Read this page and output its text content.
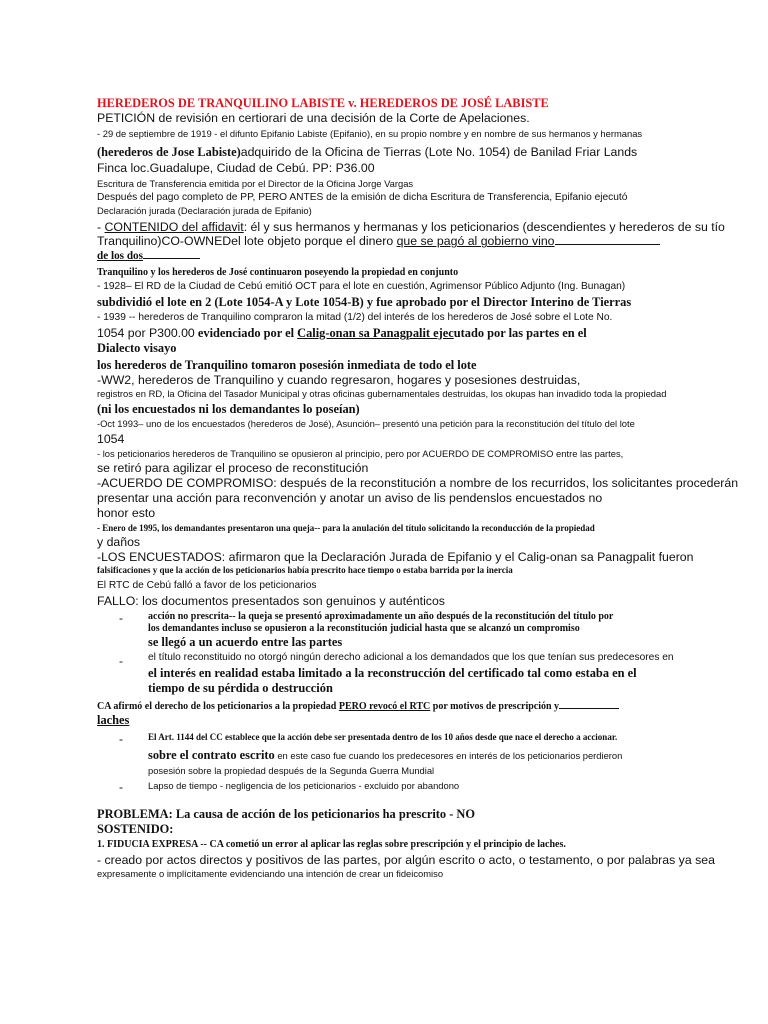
HEREDEROS DE TRANQUILINO LABISTE v. HEREDEROS DE JOSÉ LABISTE

PETICIÓN de revisión en certiorari de una decisión de la Corte de Apelaciones.

- 29 de septiembre de 1919 - el difunto Epifanio Labiste (Epifanio), en su propio nombre y en nombre de sus hermanos y hermanas

(herederos de Jose Labiste)adquirido de la Oficina de Tierras (Lote No. 1054) de Banilad Friar Lands

Finca loc.Guadalupe, Ciudad de Cebú. PP: P36.00

Escritura de Transferencia emitida por el Director de la Oficina Jorge Vargas

Después del pago completo de PP, PERO ANTES de la emisión de dicha Escritura de Transferencia, Epifanio ejecutó

Declaración jurada (Declaración jurada de Epifanio)

- CONTENIDO del affidavit: él y sus hermanos y hermanas y los peticionarios (descendientes y herederos de su tío

Tranquilino)CO-OWNEDel lote objeto porque el dinero que se pagó al gobierno vino

de los dos

Tranquilino y los herederos de José continuaron poseyendo la propiedad en conjunto

- 1928– El RD de la Ciudad de Cebú emitió OCT para el lote en cuestión, Agrimensor Público Adjunto (Ing. Bunagan)

subdividió el lote en 2 (Lote 1054-A y Lote 1054-B) y fue aprobado por el Director Interino de Tierras

- 1939 -- herederos de Tranquilino compraron la mitad (1/2) del interés de los herederos de José sobre el Lote No.

1054 por P300.00 evidenciado por el Calig-onan sa Panagpalit ejecutado por las partes en el

Dialecto visayo

los herederos de Tranquilino tomaron posesión inmediata de todo el lote

-WW2, herederos de Tranquilino y cuando regresaron, hogares y posesiones destruidas,

registros en RD, la Oficina del Tasador Municipal y otras oficinas gubernamentales destruidas, los okupas han invadido toda la propiedad

(ni los encuestados ni los demandantes lo poseían)

-Oct 1993– uno de los encuestados (herederos de José), Asunción– presentó una petición para la reconstitución del título del lote

1054

- los peticionarios herederos de Tranquilino se opusieron al principio, pero por ACUERDO DE COMPROMISO entre las partes,

se retiró para agilizar el proceso de reconstitución

-ACUERDO DE COMPROMISO: después de la reconstitución a nombre de los recurridos, los solicitantes procederán

presentar una acción para reconvención y anotar un aviso de lis pendenslos encuestados no

honor esto

- Enero de 1995, los demandantes presentaron una queja-- para la anulación del título solicitando la reconducción de la propiedad

y daños

-LOS ENCUESTADOS: afirmaron que la Declaración Jurada de Epifanio y el Calig-onan sa Panagpalit fueron

falsificaciones y que la acción de los peticionarios había prescrito hace tiempo o estaba barrida por la inercia

El RTC de Cebú falló a favor de los peticionarios

FALLO: los documentos presentados son genuinos y auténticos

-	acción no prescrita-- la queja se presentó aproximadamente un año después de la reconstitución del título por

los demandantes incluso se opusieron a la reconstitución judicial hasta que se alcanzó un compromiso

se llegó a un acuerdo entre las partes

-	el título reconstituido no otorgó ningún derecho adicional a los demandados que los que tenían sus predecesores en

el interés en realidad estaba limitado a la reconstrucción del certificado tal como estaba en el

tiempo de su pérdida o destrucción

CA afirmó el derecho de los peticionarios a la propiedad PERO revocó el RTC por motivos de prescripción y

laches

-	El Art. 1144 del CC establece que la acción debe ser presentada dentro de los 10 años desde que nace el derecho a accionar.

sobre el contrato escrito en este caso fue cuando los predecesores en interés de los peticionarios perdieron

posesión sobre la propiedad después de la Segunda Guerra Mundial

-	Lapso de tiempo - negligencia de los peticionarios - excluido por abandono

PROBLEMA: La causa de acción de los peticionarios ha prescrito - NO

SOSTENIDO:

1. FIDUCIA EXPRESA -- CA cometió un error al aplicar las reglas sobre prescripción y el principio de laches.

- creado por actos directos y positivos de las partes, por algún escrito o acto, o testamento, o por palabras ya sea

expresamente o implícitamente evidenciando una intención de crear un fideicomiso
